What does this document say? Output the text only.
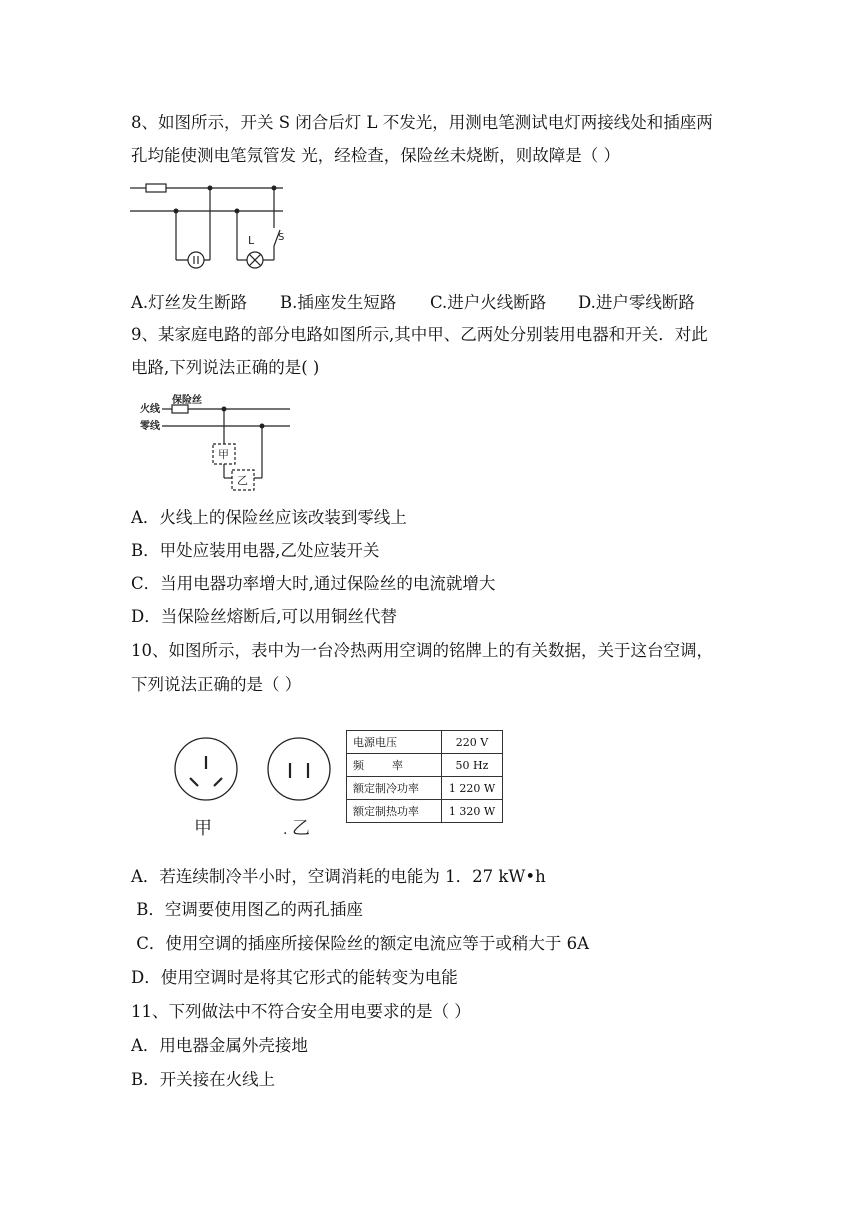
8、如图所示，开关 S 闭合后灯 L 不发光，用测电笔测试电灯两接线处和插座两
孔均能使测电笔氖管发 光，经检查，保险丝未烧断，则故障是（ ）
L S
A.灯丝发生断路 B.插座发生短路 C.进户火线断路 D.进户零线断路
9、某家庭电路的部分电路如图所示,其中甲、乙两处分别装用电器和开关．对此
电路,下列说法正确的是( )
火线
零线
保险丝
甲
乙
A．火线上的保险丝应该改装到零线上
B．甲处应装用电器,乙处应装开关
C．当用电器功率增大时,通过保险丝的电流就增大
D．当保险丝熔断后,可以用铜丝代替
10、如图所示，表中为一台冷热两用空调的铭牌上的有关数据，关于这台空调，
下列说法正确的是（ ）
甲	. 乙
电源电压	220 V
频        率	50 Hz
额定制冷功率	1 220 W
额定制热功率	1 320 W
A．若连续制冷半小时，空调消耗的电能为 1．27 kW•h
B．空调要使用图乙的两孔插座
C．使用空调的插座所接保险丝的额定电流应等于或稍大于 6A
D．使用空调时是将其它形式的能转变为电能
11、下列做法中不符合安全用电要求的是（ ）
A．用电器金属外壳接地
B．开关接在火线上
